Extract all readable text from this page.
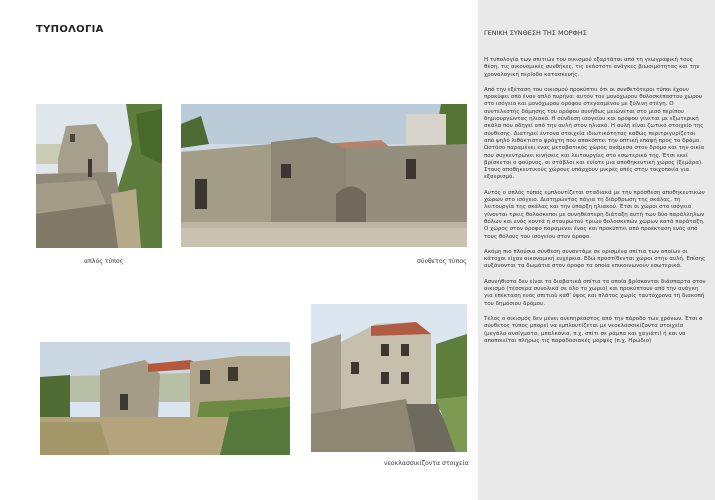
ΤΥΠΟΛΟΓΙΑ
απλός τύπος	σύνθετος τύπος
νεοκλασσικίζοντα στοιχεία
ΓΕΝΙΚΗ ΣΥΝΘΕΣΗ ΤΗΣ ΜΟΡΦΗΣ

Η τυπολογία των σπιτιών του οικισμού εξαρτάται από τη γεωγραφική τους θέση, τις οικονομικές συνθήκες, τις εκάστοτε ανάγκες βιωσιμότητας και την χρονολογική περίοδο κατασκευής.

Από την εξέταση του οικισμού προκύπτει ότι οι συνθετότεροι τύποι έχουν προκύψει από έναν απλό πυρήνα: αυτόν του μονόχωρου θολοσκέπαστου χώρου στο ισόγειο και μονόχωρου ορόφου στεγασμένου με ξύλινη στέγη. Ο συντελεστής δόμησης του ορόφου συνήθως μειώνεται στο μισό περίπου δημιουργώντας ηλιακό. Η σύνδεση ισογείου και ορόφου γίνεται με εξωτερική σκάλα που οδηγεί από την αυλή στον ηλιακό. Η αυλή είναι ζωτικό στοιχείο της σύνθεσης. Διατηρεί έντονα στοιχεία ιδιωτικότητας καθώς περιτριγυρίζεται από ψηλό λιθόκτιστο φράχτη που αποκόπτει την οπτική επαφή προς το δρόμο. Ωστόσο παραμένει ένας μεταβατικός χώρος ανάμεσα στον δρόμο και την οικία που συγκεντρώνει κινήσεις και λειτουργίες στο εσωτερικό της. Έτσι εκεί βρίσκεται ο φούρνος, οι στάβλοι και ενίοτε μια αποθηκευτική χώρος (ξεμάρα). Στους αποθηκευτικούς χώρους υπάρχουν μικρές οπές στην τοιχοποιία για εξαερισμό.

Αυτός ο απλός τύπος εμπλουτίζεται σταδιακά με την πρόσθεση αποθηκευτικών χώρων στο ισόγειο. Διατηρώντας πάγια τη διάρθρωση της σκάλας, τη λειτουργία της σκάλας και την ύπαρξη ηλιακού. Έτσι οι χώροι στο ισόγειο γίνονται τρεις θολοσκεποι με συνηθέστερη διάταξη αυτή των δύο παράλληλων θόλων και ενός κοντά ή σταυρωτού τριών θολοσκεπών χώρων κατά παράταξη. Ο χώρος στον όροφο παραμένει ένας και προκύπτει από προέκταση ενός από τους θόλους του ισογείου στον όροφο.

Ακόμη πιο πλούσια σύνθεση συναντάμε σε ορισμένα σπίτια των οποίων οι κάτοχοι είχαν οικονομική ευχέρεια. Εδώ προστίθενται χώροι στην αυλή. Επίσης αυξάνονται τα δωμάτια στον όροφο τα οποία επικοινωνούν εσωτερικά.

Ασυνήθιστα δεν είναι τα διαβατικά σπίτια τα οποία βρίσκονται διάσπαρτα στον οικισμό (τέσσερα συνολικά σε όλο το χωριό) και προκύπτουν από την ανάγκη για επέκταση ενός σπιτιού καθ' ύψος και πλάτος χωρίς ταυτόχρονα τη διακοπή του δημόσιου δρόμου.

Τέλος ο οικισμός δεν μένει ανεπηρέαστος από την πάροδο των χρόνων. Έτσι ο σύνθετος τύπος μπορεί να εμπλουτίζεται με νεοκλασσικίζοντα στοιχεία (μεγάλα ανοίγματα, μπαλκόνια, π.χ. σπίτι σε ράμπα και χαγιάτι) ή και να αποποιείται πλήρως τις παραδοσιακές μορφές (π.χ. Ηρώδιο)
